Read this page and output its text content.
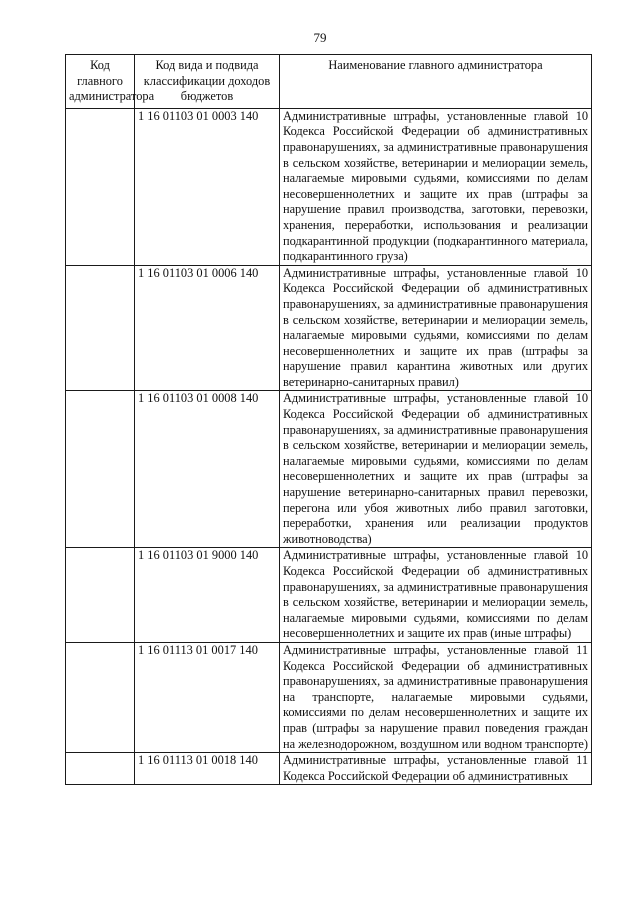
79
Код главного администратора	Код вида и подвида классификации доходов бюджетов	Наименование главного администратора
	1 16 01103 01 0003 140	Административные штрафы, установленные главой 10 Кодекса Российской Федерации об административных правонарушениях, за административные правонарушения в сельском хозяйстве, ветеринарии и мелиорации земель, налагаемые мировыми судьями, комиссиями по делам несовершеннолетних и защите их прав (штрафы за нарушение правил производства, заготовки, перевозки, хранения, переработки, использования и реализации подкарантинной продукции (подкарантинного материала, подкарантинного груза)
	1 16 01103 01 0006 140	Административные штрафы, установленные главой 10 Кодекса Российской Федерации об административных правонарушениях, за административные правонарушения в сельском хозяйстве, ветеринарии и мелиорации земель, налагаемые мировыми судьями, комиссиями по делам несовершеннолетних и защите их прав (штрафы за нарушение правил карантина животных или других ветеринарно-санитарных правил)
	1 16 01103 01 0008 140	Административные штрафы, установленные главой 10 Кодекса Российской Федерации об административных правонарушениях, за административные правонарушения в сельском хозяйстве, ветеринарии и мелиорации земель, налагаемые мировыми судьями, комиссиями по делам несовершеннолетних и защите их прав (штрафы за нарушение ветеринарно-санитарных правил перевозки, перегона или убоя животных либо правил заготовки, переработки, хранения или реализации продуктов животноводства)
	1 16 01103 01 9000 140	Административные штрафы, установленные главой 10 Кодекса Российской Федерации об административных правонарушениях, за административные правонарушения в сельском хозяйстве, ветеринарии и мелиорации земель, налагаемые мировыми судьями, комиссиями по делам несовершеннолетних и защите их прав (иные штрафы)
	1 16 01113 01 0017 140	Административные штрафы, установленные главой 11 Кодекса Российской Федерации об административных правонарушениях, за административные правонарушения на транспорте, налагаемые мировыми судьями, комиссиями по делам несовершеннолетних и защите их прав (штрафы за нарушение правил поведения граждан на железнодорожном, воздушном или водном транспорте)
	1 16 01113 01 0018 140	Административные штрафы, установленные главой 11 Кодекса Российской Федерации об административных
